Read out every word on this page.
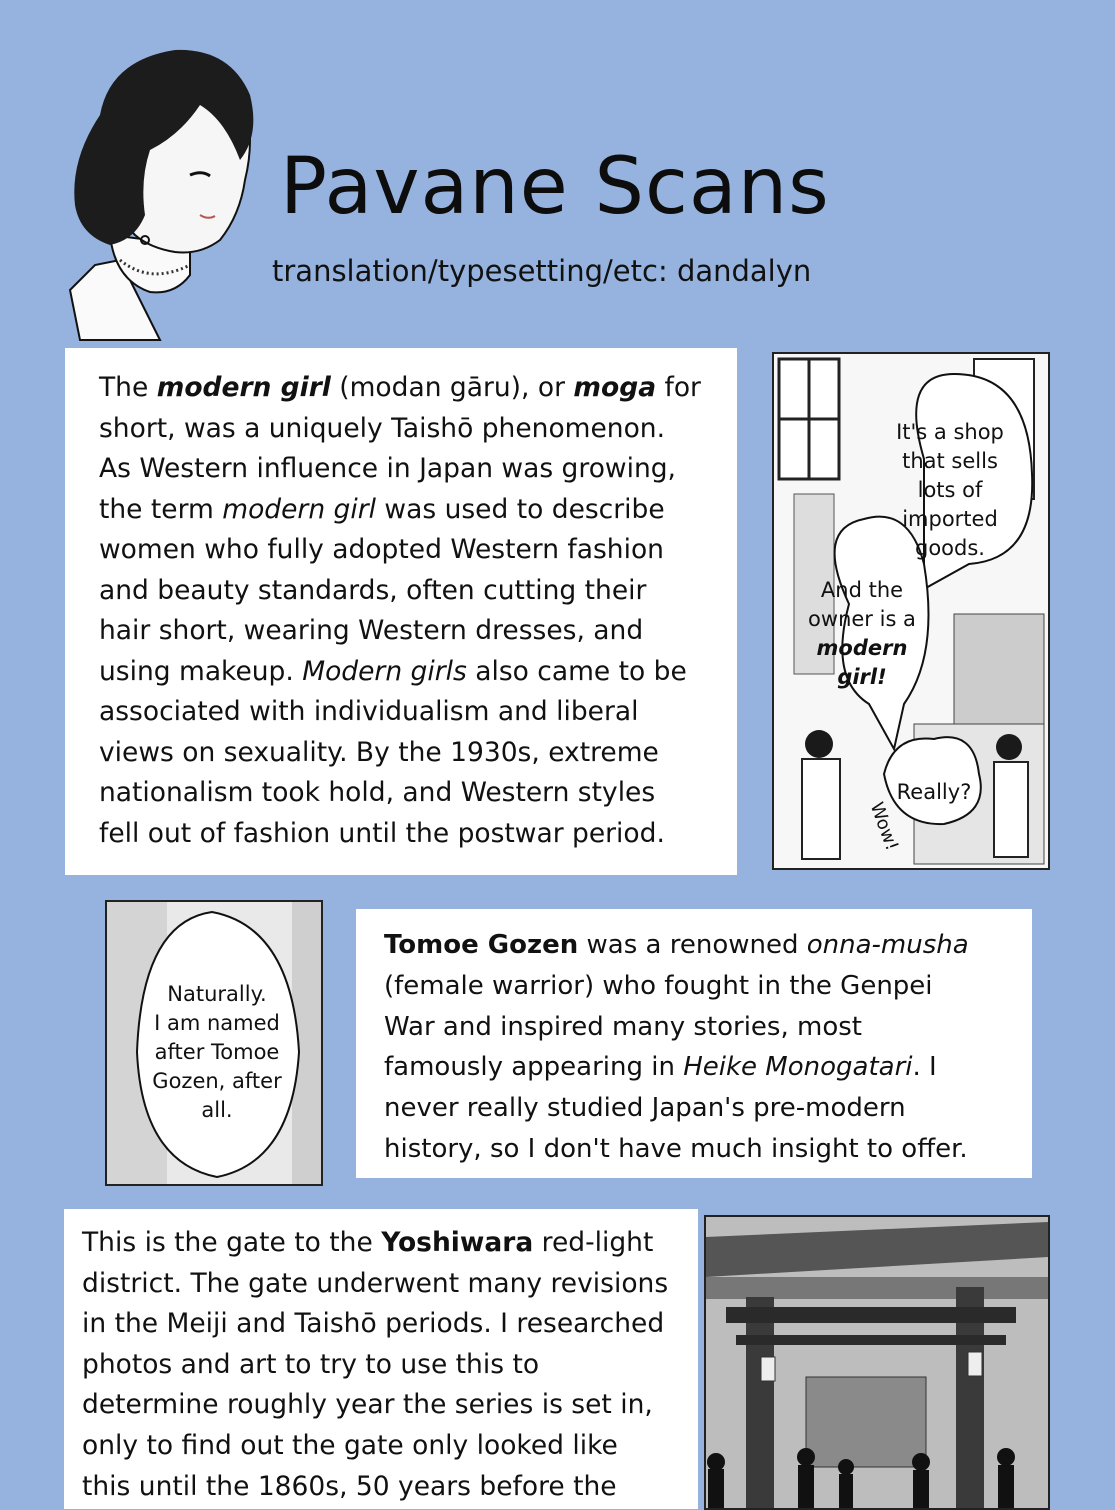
Pavane Scans
translation/typesetting/etc: dandalyn

The modern girl (modan gāru), or moga for

short, was a uniquely Taishō phenomenon.

As Western influence in Japan was growing,

the term modern girl was used to describe

women who fully adopted Western fashion

and beauty standards, often cutting their

hair short, wearing Western dresses, and

using makeup. Modern girls also came to be

associated with individualism and liberal

views on sexuality. By the 1930s, extreme

nationalism took hold, and Western styles

fell out of fashion until the postwar period.

It's a shop
that sells
lots of
imported
goods.
And the
owner is a
modern
girl!
Really?
Wow!
Naturally.
I am named
after Tomoe
Gozen, after
all.

Tomoe Gozen was a renowned onna-musha

(female warrior) who fought in the Genpei

War and inspired many stories, most

famously appearing in Heike Monogatari. I

never really studied Japan's pre-modern

history, so I don't have much insight to offer.

This is the gate to the Yoshiwara red-light

district. The gate underwent many revisions

in the Meiji and Taishō periods. I researched

photos and art to try to use this to

determine roughly year the series is set in,

only to find out the gate only looked like

this until the 1860s, 50 years before the
